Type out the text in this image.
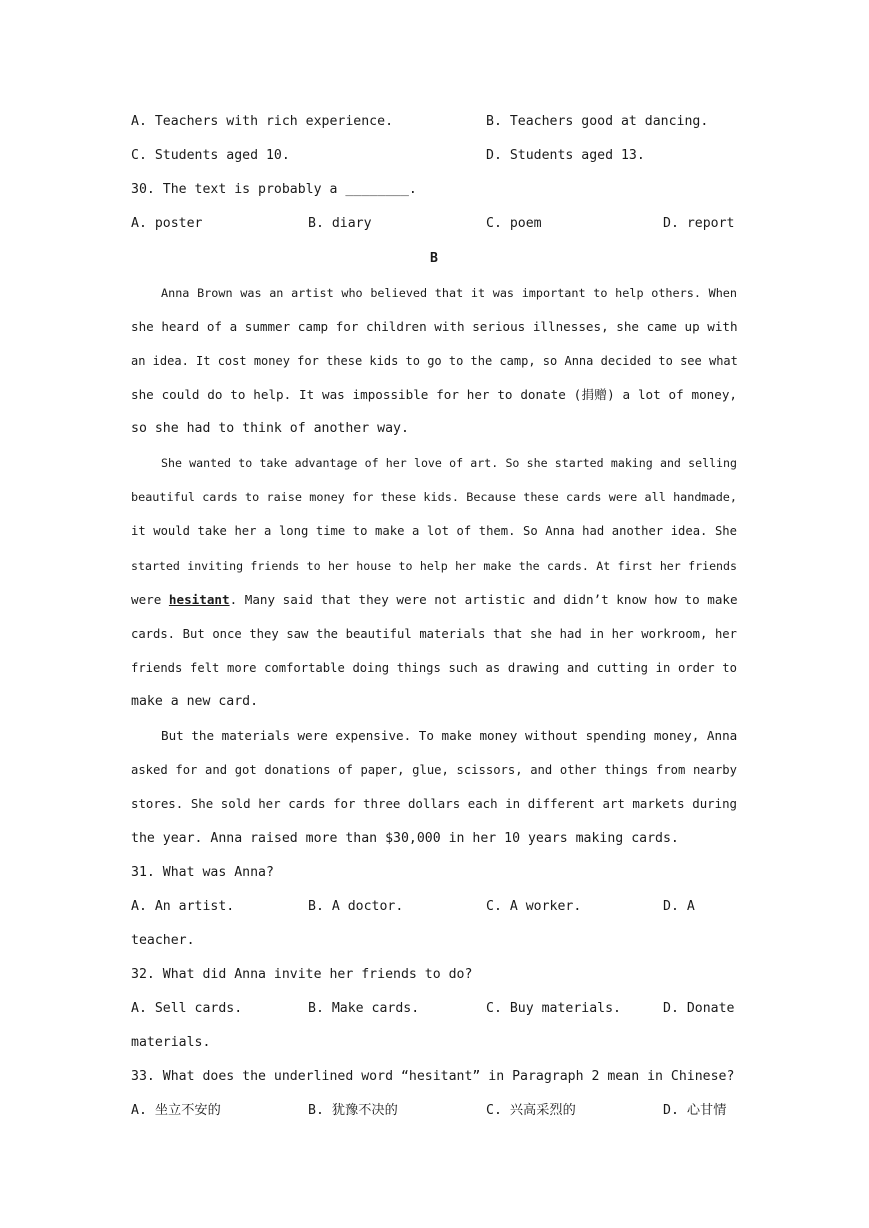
A. Teachers with rich experience.	B. Teachers good at dancing.
C. Students aged 10.	D. Students aged 13.
30. The text is probably a ________.
A. poster	B. diary	C. poem	D. report
B
Anna Brown was an artist who believed that it was important to help others. When
she heard of a summer camp for children with serious illnesses, she came up with
an idea. It cost money for these kids to go to the camp, so Anna decided to see what
she could do to help. It was impossible for her to donate (捐赠) a lot of money,
so she had to think of another way.
She wanted to take advantage of her love of art. So she started making and selling
beautiful cards to raise money for these kids. Because these cards were all handmade,
it would take her a long time to make a lot of them. So Anna had another idea. She
started inviting friends to her house to help her make the cards. At first her friends
were hesitant. Many said that they were not artistic and didn’t know how to make
cards. But once they saw the beautiful materials that she had in her workroom, her
friends felt more comfortable doing things such as drawing and cutting in order to
make a new card.
But the materials were expensive. To make money without spending money, Anna
asked for and got donations of paper, glue, scissors, and other things from nearby
stores. She sold her cards for three dollars each in different art markets during
the year. Anna raised more than $30,000 in her 10 years making cards.
31. What was Anna?
A. An artist.	B. A doctor.	C. A worker.	D. A
teacher.
32. What did Anna invite her friends to do?
A. Sell cards.	B. Make cards.	C. Buy materials.	D. Donate
materials.
33. What does the underlined word “hesitant” in Paragraph 2 mean in Chinese?
A. 坐立不安的	B. 犹豫不决的	C. 兴高采烈的	D. 心甘情
